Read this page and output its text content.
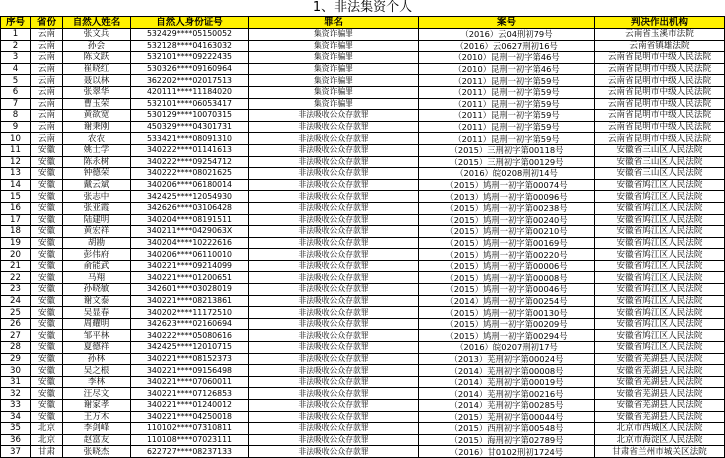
1、非法集资个人
序号	省份	自然人姓名	自然人身份证号	罪名	案号	判决作出机构
1	云南	张文兵	532429****05150052	集资诈骗罪	（2016）云04刑初79号	云南省玉溪市法院
2	云南	孙会	532128****04163032	集资诈骗罪	（2016）云0627刑初16号	云南省镇雄法院
3	云南	陈文跃	532101****09222435	集资诈骗罪	（2010）昆刑一初字第46号	云南省昆明市中级人民法院
4	云南	崔晓红	530326****09160964	集资诈骗罪	（2010）昆刑一初字第46号	云南省昆明市中级人民法院
5	云南	聂以林	362202****02017513	集资诈骗罪	（2011）昆刑一初字第59号	云南省昆明市中级人民法院
6	云南	张翠华	420111****11184020	集资诈骗罪	（2011）昆刑一初字第59号	云南省昆明市中级人民法院
7	云南	曹玉荣	532101****06053417	集资诈骗罪	（2011）昆刑一初字第59号	云南省昆明市中级人民法院
8	云南	黄欲宽	530129****10070315	非法吸收公众存款罪	（2011）昆刑一初字第59号	云南省昆明市中级人民法院
9	云南	谢秉刚	450329****04301731	非法吸收公众存款罪	（2011）昆刑一初字第59号	云南省昆明市中级人民法院
10	云南	农农	533421****08091310	非法吸收公众存款罪	（2011）昆刑一初字第59号	云南省昆明市中级人民法院
11	安徽	姚士学	340222****01141613	非法吸收公众存款罪	（2015）三刑初字第00118号	安徽省三山区人民法院
12	安徽	陈永树	340222****09254712	非法吸收公众存款罪	（2015）三刑初字第00129号	安徽省三山区人民法院
13	安徽	钟德荣	340222****08021625	非法吸收公众存款罪	（2016）皖0208刑初14号	安徽省三山区人民法院
14	安徽	戴云斌	340206****06180014	非法吸收公众存款罪	（2015）鸠刑一初字第00074号	安徽省鸠江区人民法院
15	安徽	张志中	342425****12054930	非法吸收公众存款罪	（2013）鸠刑一初字第00096号	安徽省鸠江区人民法院
16	安徽	张亚霞	342626****03106428	非法吸收公众存款罪	（2015）鸠刑一初字第00238号	安徽省鸠江区人民法院
17	安徽	陆建明	340204****08191511	非法吸收公众存款罪	（2015）鸠刑一初字第00240号	安徽省鸠江区人民法院
18	安徽	黄宏祥	340211****0429063X	非法吸收公众存款罪	（2015）鸠刑一初字第00210号	安徽省鸠江区人民法院
19	安徽	胡勘	340204****10222616	非法吸收公众存款罪	（2015）鸠刑一初字第00169号	安徽省鸠江区人民法院
20	安徽	彭伟府	340206****06110010	非法吸收公众存款罪	（2015）鸠刑一初字第00220号	安徽省鸠江区人民法院
21	安徽	俞能武	340221****09214099	非法吸收公众存款罪	（2015）鸠刑一初字第00006号	安徽省鸠江区人民法院
22	安徽	马翔	340221****01200651	非法吸收公众存款罪	（2015）鸠刑一初字第00008号	安徽省鸠江区人民法院
23	安徽	孙晓敏	342601****03028019	非法吸收公众存款罪	（2015）鸠刑一初字第00046号	安徽省鸠江区人民法院
24	安徽	谢文泰	340221****08213861	非法吸收公众存款罪	（2014）鸠刑一初字第00254号	安徽省鸠江区人民法院
25	安徽	吴显春	340202****11172510	非法吸收公众存款罪	（2015）鸠刑一初字第00130号	安徽省鸠江区人民法院
26	安徽	周耀明	342623****02160694	非法吸收公众存款罪	（2015）鸠刑一初字第00209号	安徽省鸠江区人民法院
27	安徽	邹平林	340222****05080616	非法吸收公众存款罪	（2015）鸠刑一初字第00294号	安徽省鸠江区人民法院
28	安徽	夏德祥	342425****12010715	非法吸收公众存款罪	（2016）皖0207刑初17号	安徽省鸠江区人民法院
29	安徽	孙林	340221****08152373	非法吸收公众存款罪	（2013）芜刑初字第00024号	安徽省芜湖县人民法院
30	安徽	吴之根	340221****09156498	非法吸收公众存款罪	（2014）芜刑初字第00008号	安徽省芜湖县人民法院
31	安徽	李林	340221****07060011	非法吸收公众存款罪	（2014）芜刑初字第00019号	安徽省芜湖县人民法院
32	安徽	汪尽文	340221****07126853	非法吸收公众存款罪	（2014）芜刑初字第00216号	安徽省芜湖县人民法院
33	安徽	谢家孝	340221****01240012	非法吸收公众存款罪	（2014）芜刑初字第00285号	安徽省芜湖县人民法院
34	安徽	王万木	340221****04250018	非法吸收公众存款罪	（2015）芜刑初字第00044号	安徽省芜湖县人民法院
35	北京	李剑峰	110102****07310811	非法吸收公众存款罪	（2015）西刑初字第00548号	北京市西城区人民法院
36	北京	赵富友	110108****07023111	非法吸收公众存款罪	（2015）海刑初字第02789号	北京市海淀区人民法院
37	甘肃	张晓杰	622727****08237133	非法吸收公众存款罪	（2016）甘0102刑初1724号	甘肃省兰州市城关区法院
